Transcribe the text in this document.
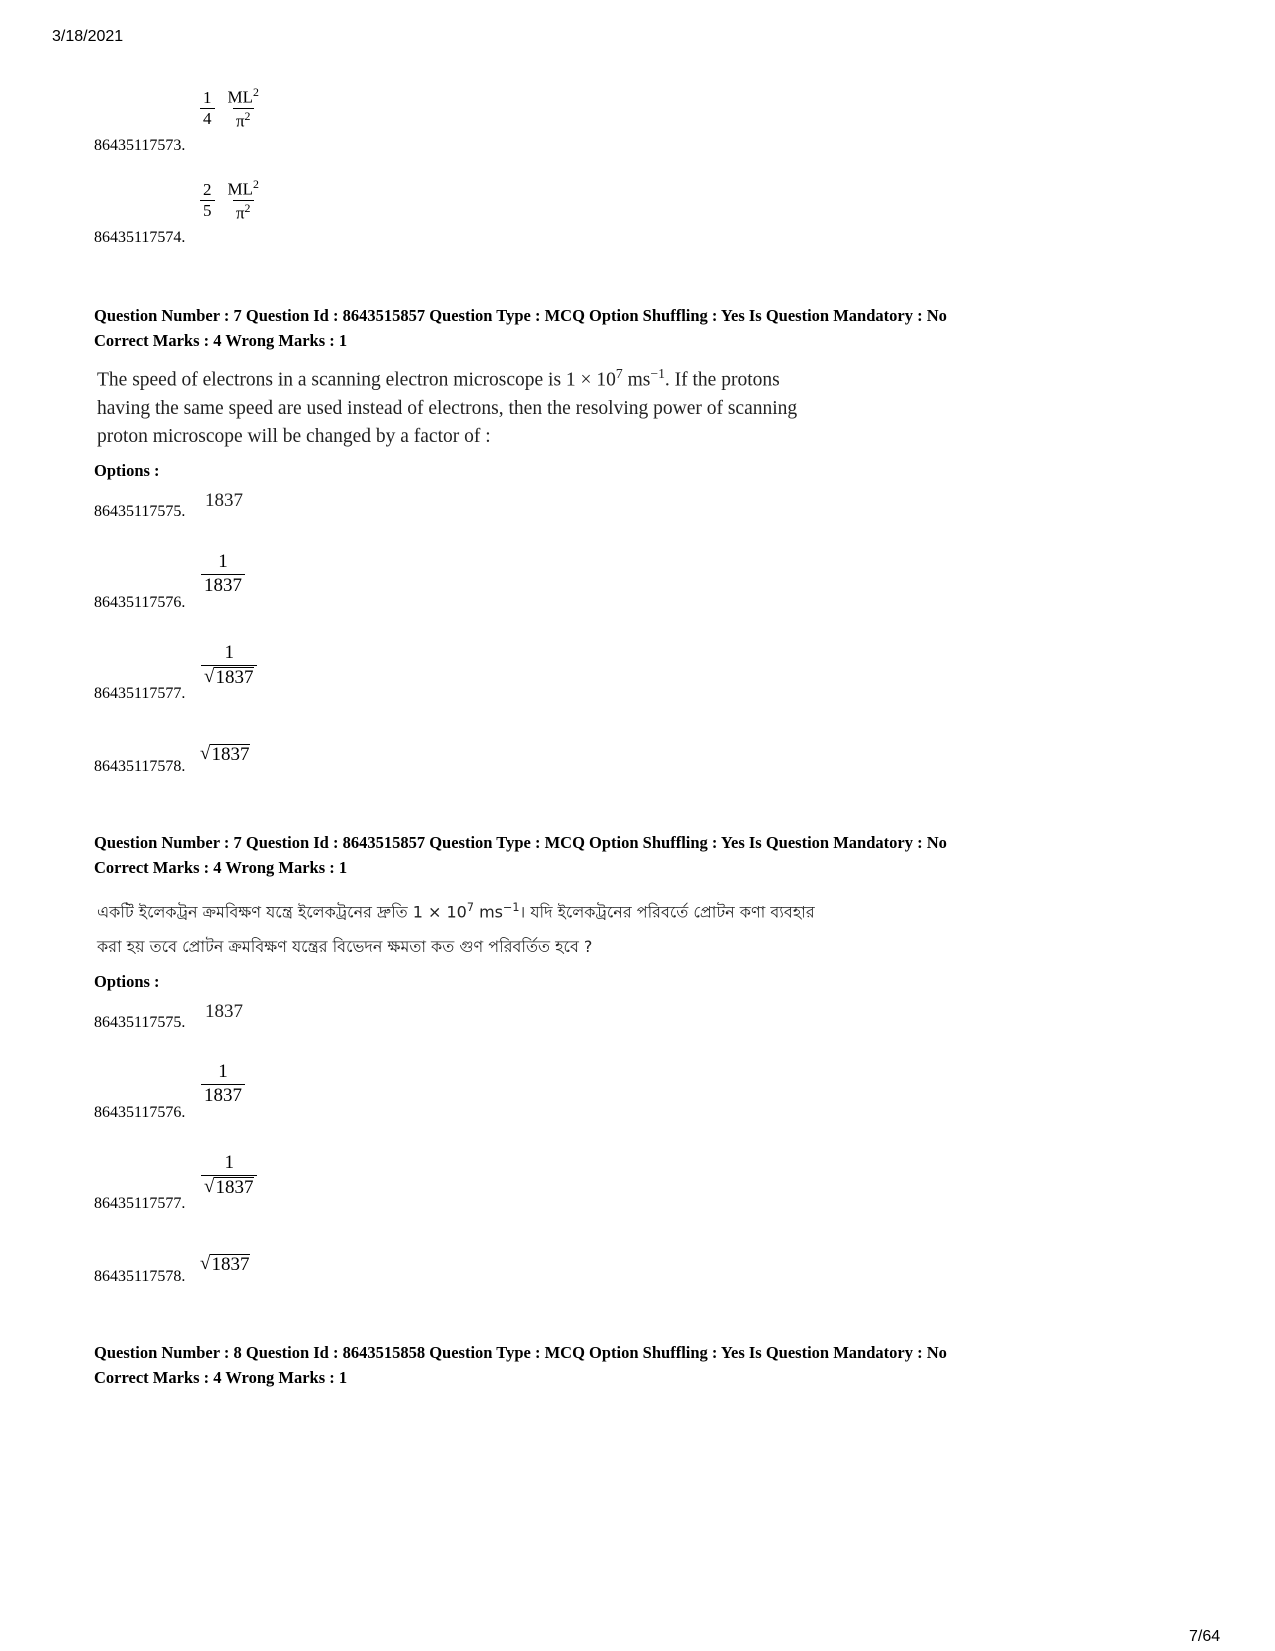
3/18/2021
7/64
$\frac{1}{4} \frac{ML^2}{\pi^2}$
86435117573.
$\frac{2}{5} \frac{ML^2}{\pi^2}$
86435117574.
Question Number : 7 Question Id : 8643515857 Question Type : MCQ Option Shuffling : Yes Is Question Mandatory : No
Correct Marks : 4 Wrong Marks : 1
The speed of electrons in a scanning electron microscope is $1 \times 10^7$ $ms^{-1}$. If the protons
having the same speed are used instead of electrons, then the resolving power of scanning
proton microscope will be changed by a factor of :
Options :
86435117575.
1837
$\frac{1}{1837}$
86435117576.
$\frac{1}{√ 1837}$
86435117577.
86435117578.
√ 1837
Question Number : 7 Question Id : 8643515857 Question Type : MCQ Option Shuffling : Yes Is Question Mandatory : No
Correct Marks : 4 Wrong Marks : 1
একটি ইলেকট্রন ক্রমবিক্ষণ যন্ত্রে ইলেকট্রনের দ্রুতি $1 \times 10^7$ $ms^{-1}।$ যদি ইলেকট্রনের পরিবর্তে প্রোটন কণা ব্যবহার
করা হয় তবে প্রোটন ক্রমবিক্ষণ যন্ত্রের বিভেদন ক্ষমতা কত গুণ পরিবর্তিত হবে ?
Options :
86435117575.
1837
$\frac{1}{1837}$
86435117576.
$\frac{1}{√ 1837}$
86435117577.
86435117578.
√ 1837
Question Number : 8 Question Id : 8643515858 Question Type : MCQ Option Shuffling : Yes Is Question Mandatory : No
Correct Marks : 4 Wrong Marks : 1
